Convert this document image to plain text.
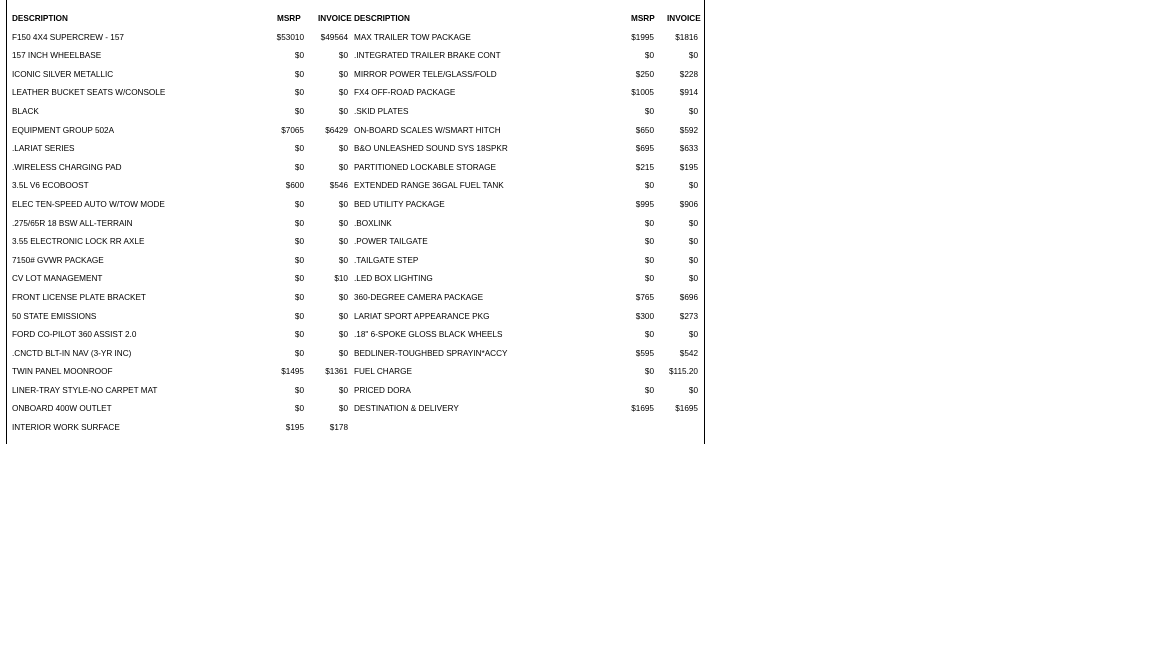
DESCRIPTION	MSRP INVOICE
F150 4X4 SUPERCREW - 157	$53010	$49564
157 INCH WHEELBASE	$0	$0
ICONIC SILVER METALLIC	$0	$0
LEATHER BUCKET SEATS W/CONSOLE	$0	$0
BLACK	$0	$0
EQUIPMENT GROUP 502A	$7065	$6429
.LARIAT SERIES	$0	$0
.WIRELESS CHARGING PAD	$0	$0
3.5L V6 ECOBOOST	$600	$546
ELEC TEN-SPEED AUTO W/TOW MODE	$0	$0
.275/65R 18 BSW ALL-TERRAIN	$0	$0
3.55 ELECTRONIC LOCK RR AXLE	$0	$0
7150# GVWR PACKAGE	$0	$0
CV LOT MANAGEMENT	$0	$10
FRONT LICENSE PLATE BRACKET	$0	$0
50 STATE EMISSIONS	$0	$0
FORD CO-PILOT 360 ASSIST 2.0	$0	$0
.CNCTD BLT-IN NAV (3-YR INC)	$0	$0
TWIN PANEL MOONROOF	$1495	$1361
LINER-TRAY STYLE-NO CARPET MAT	$0	$0
ONBOARD 400W OUTLET	$0	$0
INTERIOR WORK SURFACE	$195	$178
DESCRIPTION	MSRP INVOICE
MAX TRAILER TOW PACKAGE	$1995	$1816
.INTEGRATED TRAILER BRAKE CONT	$0	$0
MIRROR POWER TELE/GLASS/FOLD	$250	$228
FX4 OFF-ROAD PACKAGE	$1005	$914
.SKID PLATES	$0	$0
ON-BOARD SCALES W/SMART HITCH	$650	$592
B&O UNLEASHED SOUND SYS 18SPKR	$695	$633
PARTITIONED LOCKABLE STORAGE	$215	$195
EXTENDED RANGE 36GAL FUEL TANK	$0	$0
BED UTILITY PACKAGE	$995	$906
.BOXLINK	$0	$0
.POWER TAILGATE	$0	$0
.TAILGATE STEP	$0	$0
.LED BOX LIGHTING	$0	$0
360-DEGREE CAMERA PACKAGE	$765	$696
LARIAT SPORT APPEARANCE PKG	$300	$273
.18" 6-SPOKE GLOSS BLACK WHEELS	$0	$0
BEDLINER-TOUGHBED SPRAYIN*ACCY	$595	$542
FUEL CHARGE	$0	$115.20
PRICED DORA	$0	$0
DESTINATION & DELIVERY	$1695	$1695
